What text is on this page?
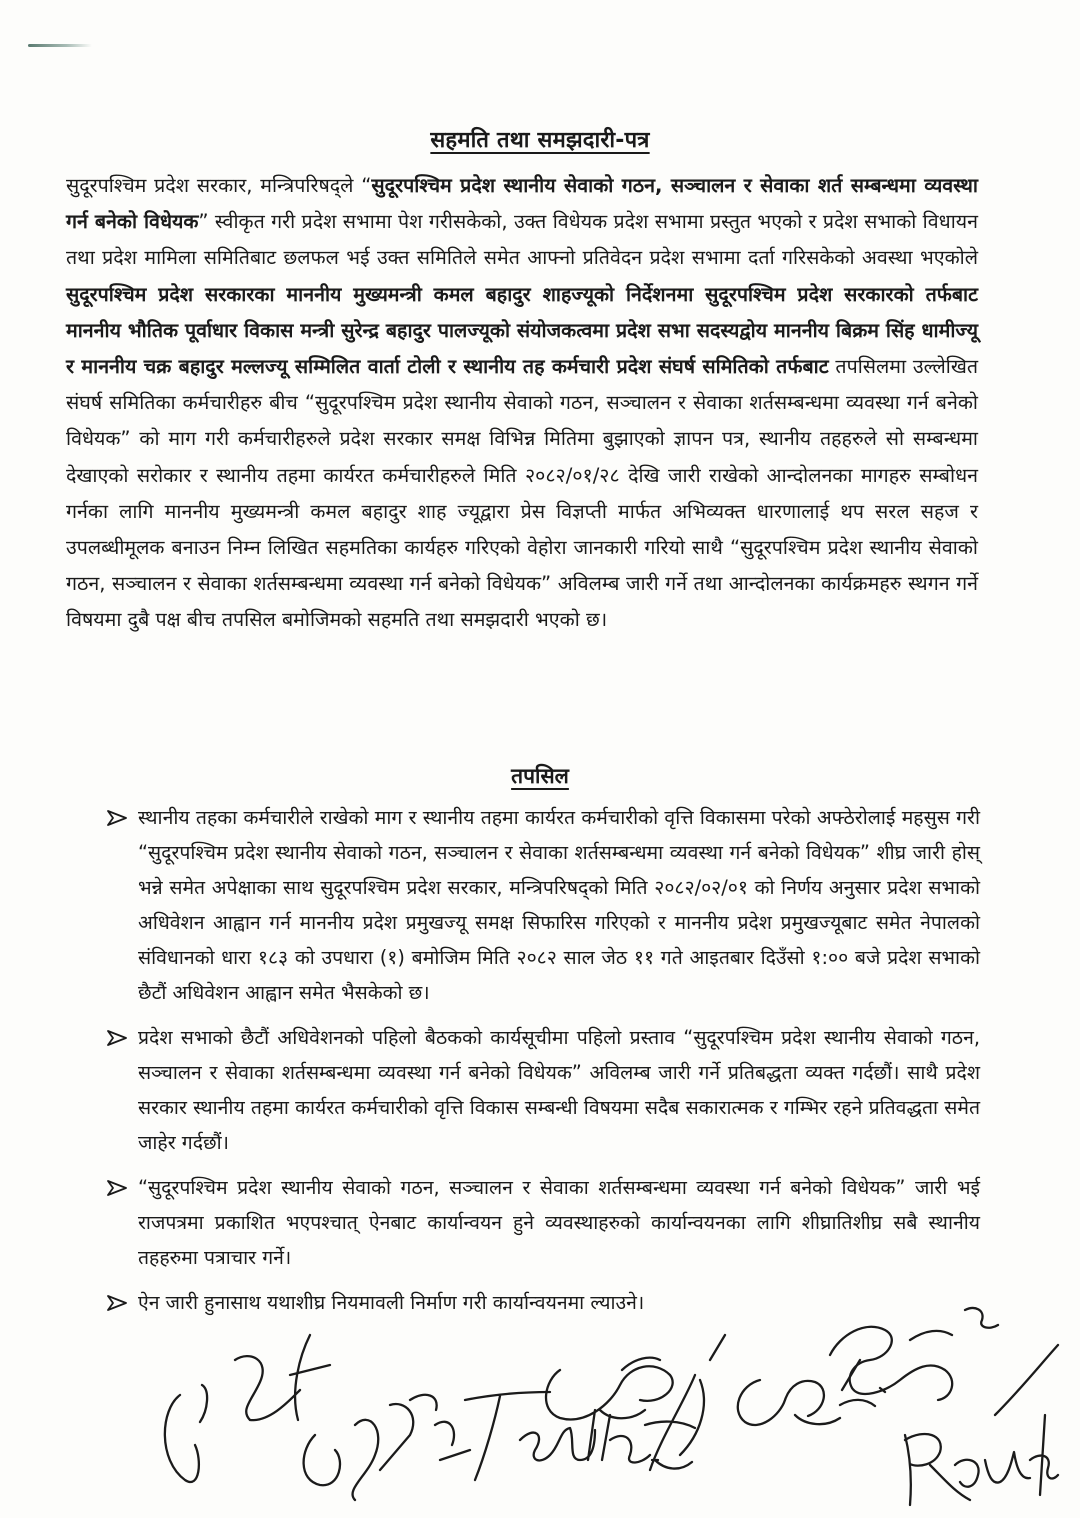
सहमति तथा समझदारी-पत्र

सुदूरपश्चिम प्रदेश सरकार, मन्त्रिपरिषद्ले “सुदूरपश्चिम प्रदेश स्थानीय सेवाको गठन, सञ्चालन र सेवाका शर्त सम्बन्धमा व्यवस्था गर्न बनेको विधेयक” स्वीकृत गरी प्रदेश सभामा पेश गरीसकेको, उक्त विधेयक प्रदेश सभामा प्रस्तुत भएको र प्रदेश सभाको विधायन तथा प्रदेश मामिला समितिबाट छलफल भई उक्त समितिले समेत आफ्नो प्रतिवेदन प्रदेश सभामा दर्ता गरिसकेको अवस्था भएकोले सुदूरपश्चिम प्रदेश सरकारका माननीय मुख्यमन्त्री कमल बहादुर शाहज्यूको निर्देशनमा सुदूरपश्चिम प्रदेश सरकारको तर्फबाट माननीय भौतिक पूर्वाधार विकास मन्त्री सुरेन्द्र बहादुर पालज्यूको संयोजकत्वमा प्रदेश सभा सदस्यद्वोय माननीय बिक्रम सिंह धामीज्यू र माननीय चक्र बहादुर मल्लज्यू सम्मिलित वार्ता टोली र स्थानीय तह कर्मचारी प्रदेश संघर्ष समितिको तर्फबाट तपसिलमा उल्लेखित संघर्ष समितिका कर्मचारीहरु बीच “सुदूरपश्चिम प्रदेश स्थानीय सेवाको गठन, सञ्चालन र सेवाका शर्तसम्बन्धमा व्यवस्था गर्न बनेको विधेयक” को माग गरी कर्मचारीहरुले प्रदेश सरकार समक्ष विभिन्न मितिमा बुझाएको ज्ञापन पत्र, स्थानीय तहहरुले सो सम्बन्धमा देखाएको सरोकार र स्थानीय तहमा कार्यरत कर्मचारीहरुले मिति २०८२/०१/२८ देखि जारी राखेको आन्दोलनका मागहरु सम्बोधन गर्नका लागि माननीय मुख्यमन्त्री कमल बहादुर शाह ज्यूद्वारा प्रेस विज्ञप्ती मार्फत अभिव्यक्त धारणालाई थप सरल सहज र उपलब्धीमूलक बनाउन निम्न लिखित सहमतिका कार्यहरु गरिएको वेहोरा जानकारी गरियो साथै “सुदूरपश्चिम प्रदेश स्थानीय सेवाको गठन, सञ्चालन र सेवाका शर्तसम्बन्धमा व्यवस्था गर्न बनेको विधेयक” अविलम्ब जारी गर्ने तथा आन्दोलनका कार्यक्रमहरु स्थगन गर्ने विषयमा दुबै पक्ष बीच तपसिल बमोजिमको सहमति तथा समझदारी भएको छ।

तपसिल
स्थानीय तहका कर्मचारीले राखेको माग र स्थानीय तहमा कार्यरत कर्मचारीको वृत्ति विकासमा परेको अफ्ठेरोलाई महसुस गरी “सुदूरपश्चिम प्रदेश स्थानीय सेवाको गठन, सञ्चालन र सेवाका शर्तसम्बन्धमा व्यवस्था गर्न बनेको विधेयक” शीघ्र जारी होस् भन्ने समेत अपेक्षाका साथ सुदूरपश्चिम प्रदेश सरकार, मन्त्रिपरिषद्को मिति २०८२/०२/०१ को निर्णय अनुसार प्रदेश सभाको अधिवेशन आह्वान गर्न माननीय प्रदेश प्रमुखज्यू समक्ष सिफारिस गरिएको र माननीय प्रदेश प्रमुखज्यूबाट समेत नेपालको संविधानको धारा १८३ को उपधारा (१) बमोजिम मिति २०८२ साल जेठ ११ गते आइतबार दिउँसो १:०० बजे प्रदेश सभाको छैटौं अधिवेशन आह्वान समेत भैसकेको छ।
प्रदेश सभाको छैटौं अधिवेशनको पहिलो बैठकको कार्यसूचीमा पहिलो प्रस्ताव “सुदूरपश्चिम प्रदेश स्थानीय सेवाको गठन, सञ्चालन र सेवाका शर्तसम्बन्धमा व्यवस्था गर्न बनेको विधेयक” अविलम्ब जारी गर्ने प्रतिबद्धता व्यक्त गर्दछौं। साथै प्रदेश सरकार स्थानीय तहमा कार्यरत कर्मचारीको वृत्ति विकास सम्बन्धी विषयमा सदैब सकारात्मक र गम्भिर रहने प्रतिवद्धता समेत जाहेर गर्दछौं।
“सुदूरपश्चिम प्रदेश स्थानीय सेवाको गठन, सञ्चालन र सेवाका शर्तसम्बन्धमा व्यवस्था गर्न बनेको विधेयक” जारी भई राजपत्रमा प्रकाशित भएपश्चात् ऐनबाट कार्यान्वयन हुने व्यवस्थाहरुको कार्यान्वयनका लागि शीघ्रातिशीघ्र सबै स्थानीय तहहरुमा पत्राचार गर्ने।
ऐन जारी हुनासाथ यथाशीघ्र नियमावली निर्माण गरी कार्यान्वयनमा ल्याउने।
